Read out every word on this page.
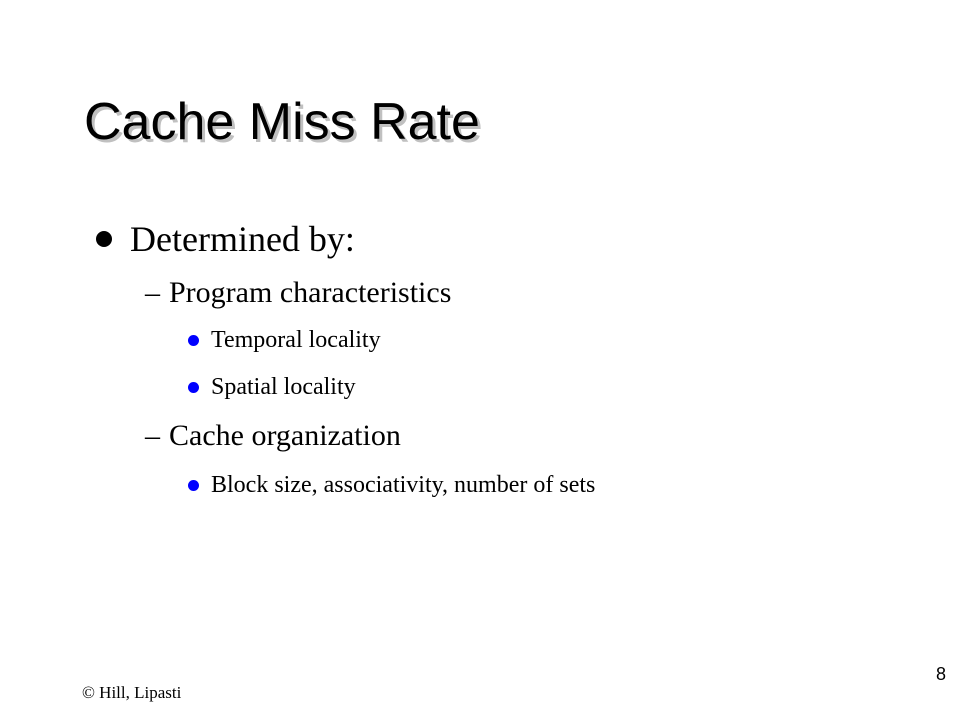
Cache Miss Rate
Determined by:
– Program characteristics
Temporal locality
Spatial locality
– Cache organization
Block size, associativity, number of sets
© Hill, Lipasti
8
